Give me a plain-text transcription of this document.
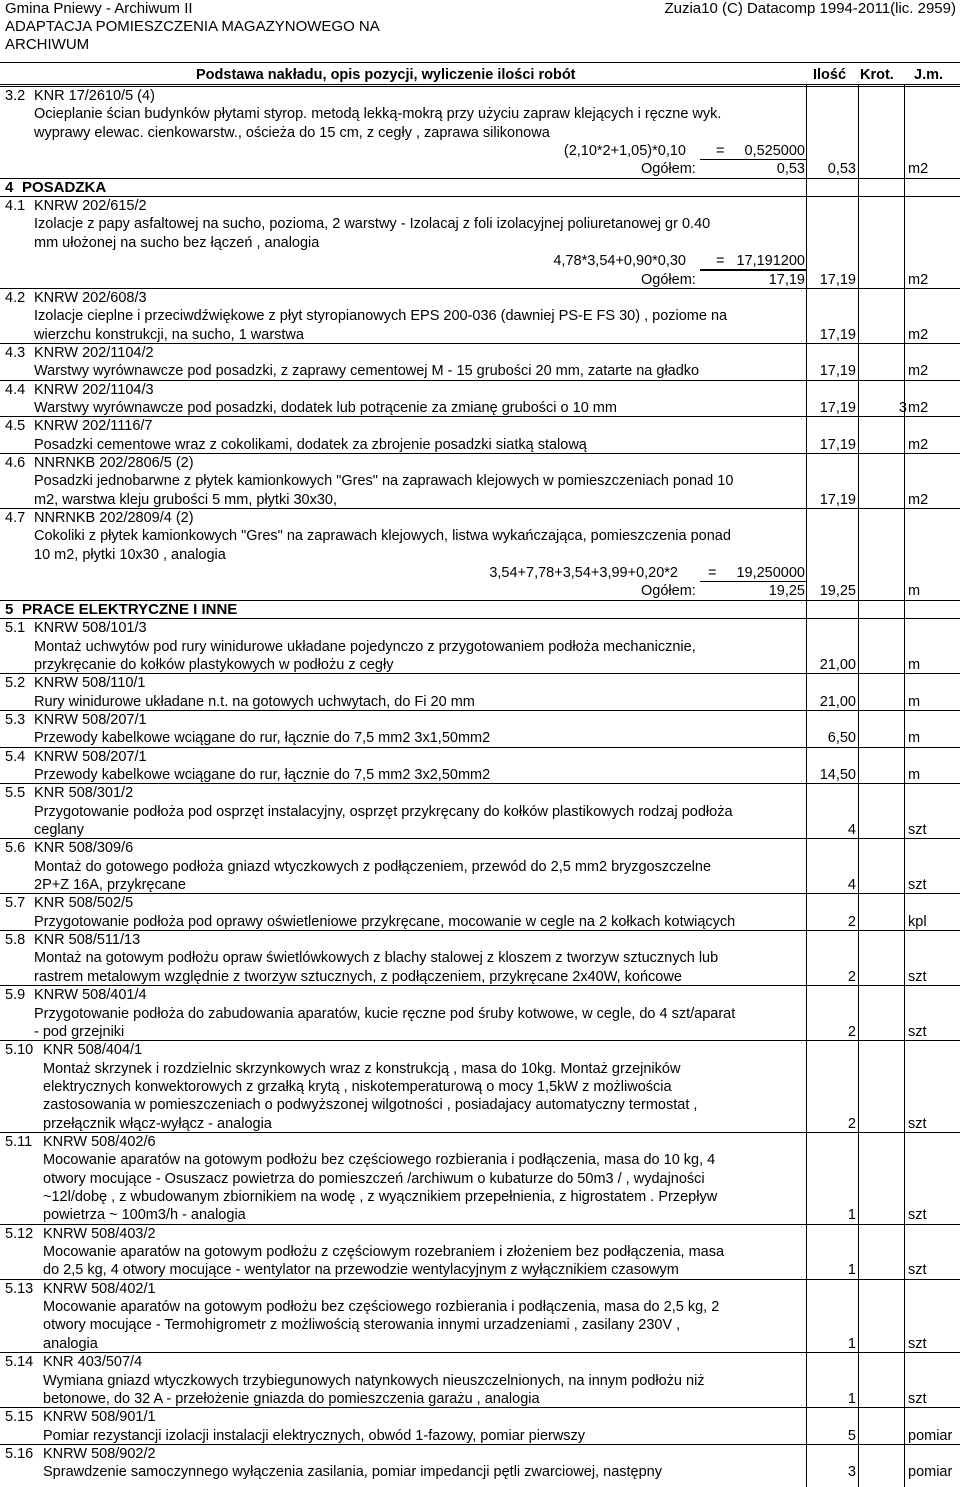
Gmina Pniewy - Archiwum II
ADAPTACJA POMIESZCZENIA MAGAZYNOWEGO NA
ARCHIWUM
Zuzia10 (C) Datacomp 1994-2011(lic. 2959)
Podstawa nakładu, opis pozycji, wyliczenie ilości robót	Ilość Krot. J.m.
3.2 KNR 17/2610/5 (4)
Ocieplanie ścian budynków płytami styrop. metodą lekką-mokrą przy użyciu zapraw klejących i ręczne wyk.
wyprawy elewac. cienkowarstw., ościeża do 15 cm, z cegły , zaprawa silikonowa
(2,10*2+1,05)*0,10 = 0,525000
Ogółem:	0,53 0,53	m2
4 POSADZKA
4.1 KNRW 202/615/2
Izolacje z papy asfaltowej na sucho, pozioma, 2 warstwy - Izolacaj z foli izolacyjnej poliuretanowej gr 0.40
mm ułożonej na sucho bez łączeń , analogia
4,78*3,54+0,90*0,30 = 17,191200
Ogółem:	17,19 17,19	m2
4.2 KNRW 202/608/3
Izolacje cieplne i przeciwdźwiękowe z płyt styropianowych EPS 200-036 (dawniej PS-E FS 30) , poziome na
wierzchu konstrukcji, na sucho, 1 warstwa	17,19	m2
4.3 KNRW 202/1104/2
Warstwy wyrównawcze pod posadzki, z zaprawy cementowej M - 15 grubości 20 mm, zatarte na gładko	17,19	m2
4.4 KNRW 202/1104/3
Warstwy wyrównawcze pod posadzki, dodatek lub potrącenie za zmianę grubości o 10 mm	17,19	3 m2
4.5 KNRW 202/1116/7
Posadzki cementowe wraz z cokolikami, dodatek za zbrojenie posadzki siatką stalową	17,19	m2
4.6 NNRNKB 202/2806/5 (2)
Posadzki jednobarwne z płytek kamionkowych "Gres" na zaprawach klejowych w pomieszczeniach ponad 10
m2, warstwa kleju grubości 5 mm, płytki 30x30,	17,19	m2
4.7 NNRNKB 202/2809/4 (2)
Cokoliki z płytek kamionkowych "Gres" na zaprawach klejowych, listwa wykańczająca, pomieszczenia ponad
10 m2, płytki 10x30 , analogia
3,54+7,78+3,54+3,99+0,20*2 = 19,250000
Ogółem:	19,25 19,25	m
5 PRACE ELEKTRYCZNE I INNE
5.1 KNRW 508/101/3
Montaż uchwytów pod rury winidurowe układane pojedynczo z przygotowaniem podłoża mechanicznie,
przykręcanie do kołków plastykowych w podłożu z cegły	21,00	m
5.2 KNRW 508/110/1
Rury winidurowe układane n.t. na gotowych uchwytach, do Fi 20 mm	21,00	m
5.3 KNRW 508/207/1
Przewody kabelkowe wciągane do rur, łącznie do 7,5 mm2 3x1,50mm2	6,50	m
5.4 KNRW 508/207/1
Przewody kabelkowe wciągane do rur, łącznie do 7,5 mm2 3x2,50mm2	14,50	m
5.5 KNR 508/301/2
Przygotowanie podłoża pod osprzęt instalacyjny, osprzęt przykręcany do kołków plastikowych rodzaj podłoża
ceglany	4	szt
5.6 KNR 508/309/6
Montaż do gotowego podłoża gniazd wtyczkowych z podłączeniem, przewód do 2,5 mm2 bryzgoszczelne
2P+Z 16A, przykręcane	4	szt
5.7 KNR 508/502/5
Przygotowanie podłoża pod oprawy oświetleniowe przykręcane, mocowanie w cegle na 2 kołkach kotwiących	2	kpl
5.8 KNR 508/511/13
Montaż na gotowym podłożu opraw świetlówkowych z blachy stalowej z kloszem z tworzyw sztucznych lub
rastrem metalowym względnie z tworzyw sztucznych, z podłączeniem, przykręcane 2x40W, końcowe	2	szt
5.9 KNRW 508/401/4
Przygotowanie podłoża do zabudowania aparatów, kucie ręczne pod śruby kotwowe, w cegle, do 4 szt/aparat
- pod grzejniki	2	szt
5.10 KNR 508/404/1
Montaż skrzynek i rozdzielnic skrzynkowych wraz z konstrukcją , masa do 10kg. Montaż grzejników
elektrycznych konwektorowych z grzałką krytą , niskotemperaturową o mocy 1,5kW z możliwościa
zastosowania w pomieszczeniach o podwyższonej wilgotności , posiadajacy automatyczny termostat ,
przełącznik włącz-wyłącz - analogia	2	szt
5.11 KNRW 508/402/6
Mocowanie aparatów na gotowym podłożu bez częściowego rozbierania i podłączenia, masa do 10 kg, 4
otwory mocujące - Osuszacz powietrza do pomieszczeń /archiwum o kubaturze do 50m3 / , wydajności
~12l/dobę , z wbudowanym zbiornikiem na wodę , z wyącznikiem przepełnienia, z higrostatem . Przepływ
powietrza ~ 100m3/h - analogia	1	szt
5.12 KNRW 508/403/2
Mocowanie aparatów na gotowym podłożu z częściowym rozebraniem i złożeniem bez podłączenia, masa
do 2,5 kg, 4 otwory mocujące - wentylator na przewodzie wentylacyjnym z wyłącznikiem czasowym	1	szt
5.13 KNRW 508/402/1
Mocowanie aparatów na gotowym podłożu bez częściowego rozbierania i podłączenia, masa do 2,5 kg, 2
otwory mocujące - Termohigrometr z możliwością sterowania innymi urzadzeniami , zasilany 230V ,
analogia	1	szt
5.14 KNR 403/507/4
Wymiana gniazd wtyczkowych trzybiegunowych natynkowych nieuszczelnionych, na innym podłożu niż
betonowe, do 32 A - przełożenie gniazda do pomieszczenia garażu , analogia	1	szt
5.15 KNRW 508/901/1
Pomiar rezystancji izolacji instalacji elektrycznych, obwód 1-fazowy, pomiar pierwszy	5	pomiar
5.16 KNRW 508/902/2
Sprawdzenie samoczynnego wyłączenia zasilania, pomiar impedancji pętli zwarciowej, następny	3	pomiar
